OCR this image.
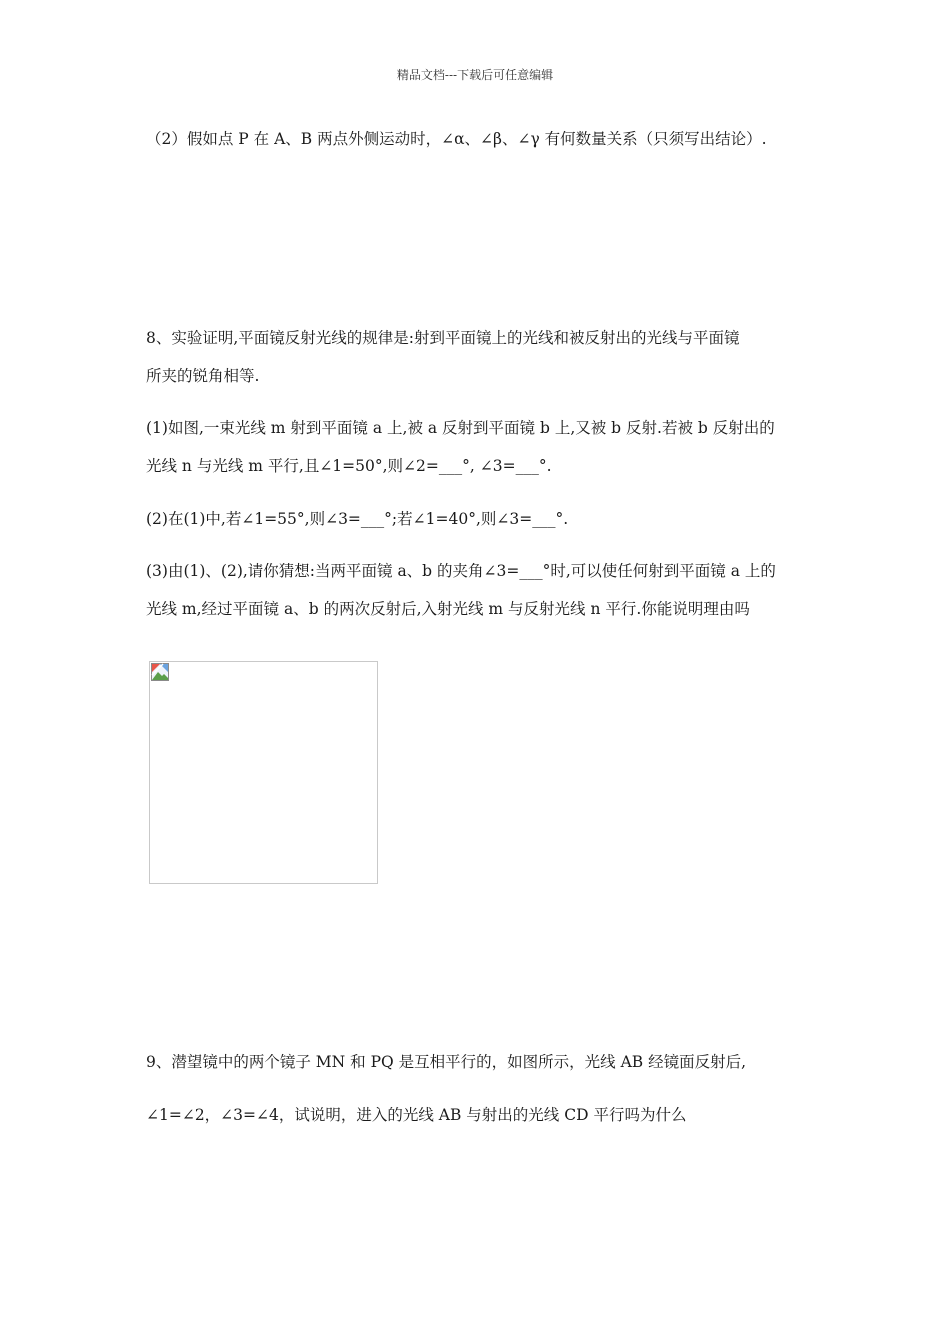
精品文档---下载后可任意编辑
（2）假如点 P 在 A、B 两点外侧运动时，∠α、∠β、∠γ 有何数量关系（只须写出结论）.
8、实验证明,平面镜反射光线的规律是:射到平面镜上的光线和被反射出的光线与平面镜
所夹的锐角相等.
(1)如图,一束光线 m 射到平面镜 a 上,被 a 反射到平面镜 b 上,又被 b 反射.若被 b 反射出的
光线 n 与光线 m 平行,且∠1=50°,则∠2=___°, ∠3=___°.
(2)在(1)中,若∠1=55°,则∠3=___°;若∠1=40°,则∠3=___°.
(3)由(1)、(2),请你猜想:当两平面镜 a、b 的夹角∠3=___°时,可以使任何射到平面镜 a 上的
光线 m,经过平面镜 a、b 的两次反射后,入射光线 m 与反射光线 n 平行.你能说明理由吗
9、潜望镜中的两个镜子 MN 和 PQ 是互相平行的，如图所示，光线 AB 经镜面反射后,
∠1=∠2，∠3=∠4，试说明，进入的光线 AB 与射出的光线 CD 平行吗为什么
